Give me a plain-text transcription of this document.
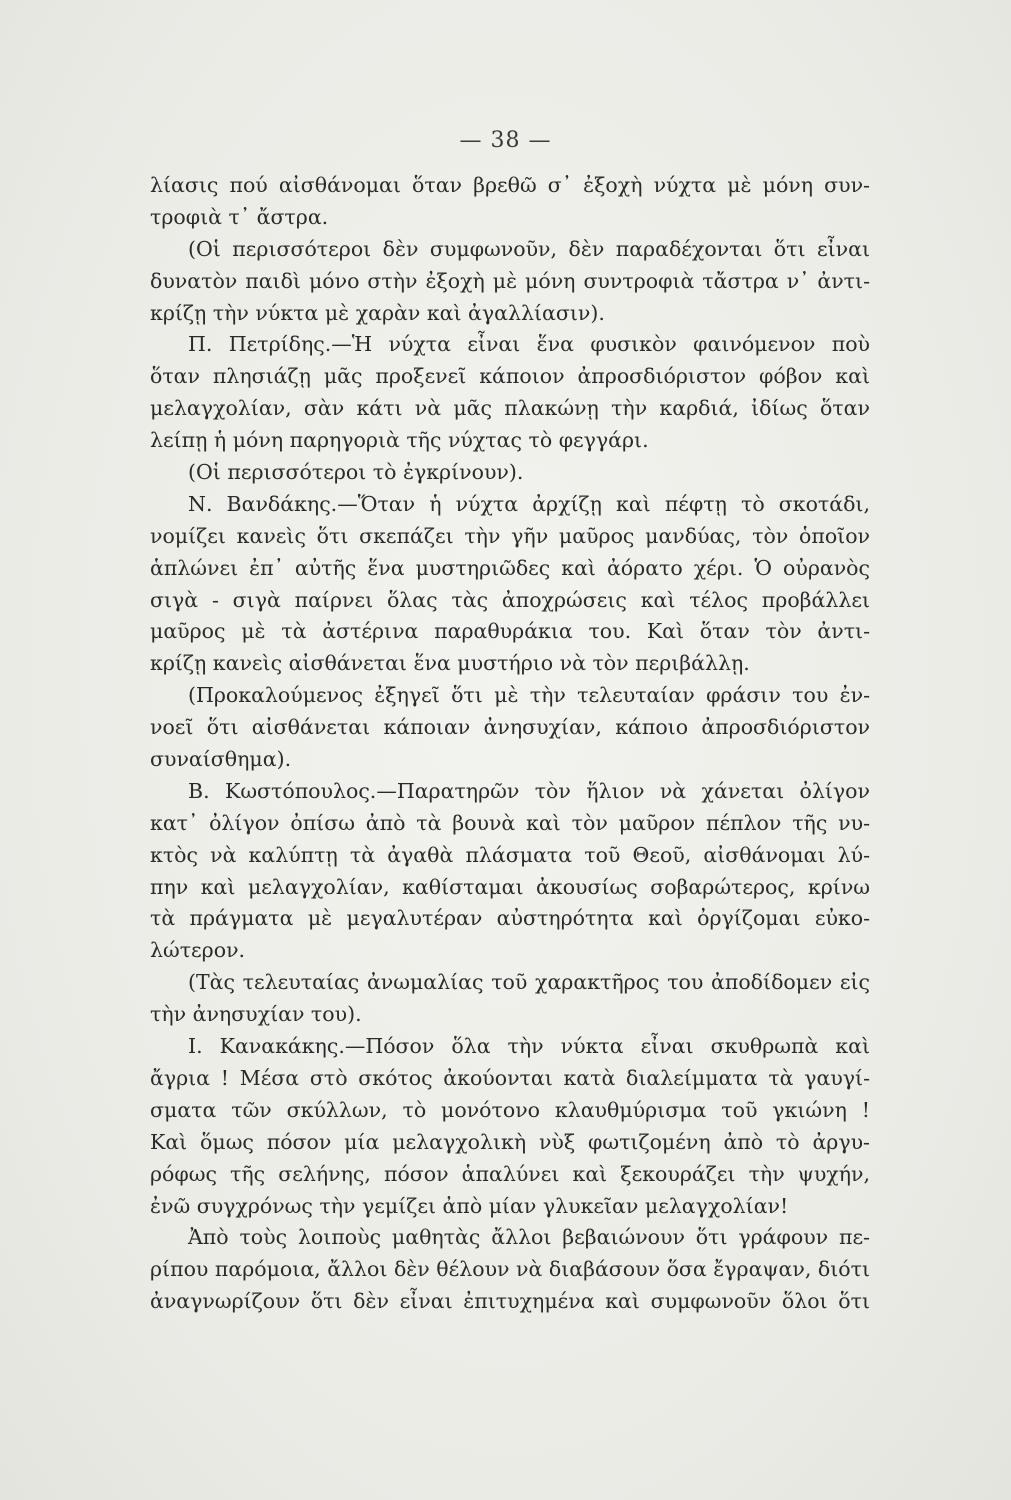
— 38 —
λίασις πού αἰσθάνομαι ὅταν βρεθῶ σ᾿ ἐξοχὴ νύχτα μὲ μόνη συν-
τροφιὰ τ᾿ ἄστρα.
(Οἱ περισσότεροι δὲν συμφωνοῦν, δὲν παραδέχονται ὅτι εἶναι
δυνατὸν παιδὶ μόνο στὴν ἐξοχὴ μὲ μόνη συντροφιὰ τἄστρα ν᾿ ἀντι-
κρίζῃ τὴν νύκτα μὲ χαρὰν καὶ ἀγαλλίασιν).
Π. Πετρίδης.—Ἡ νύχτα εἶναι ἕνα φυσικὸν φαινόμενον ποὺ
ὅταν πλησιάζῃ μᾶς προξενεῖ κάποιον ἀπροσδιόριστον φόβον καὶ
μελαγχολίαν, σὰν κάτι νὰ μᾶς πλακώνῃ τὴν καρδιά, ἰδίως ὅταν
λείπῃ ἡ μόνη παρηγοριὰ τῆς νύχτας τὸ φεγγάρι.
(Οἱ περισσότεροι τὸ ἐγκρίνουν).
Ν. Βανδάκης.—Ὅταν ἡ νύχτα ἀρχίζῃ καὶ πέφτῃ τὸ σκοτάδι,
νομίζει κανεὶς ὅτι σκεπάζει τὴν γῆν μαῦρος μανδύας, τὸν ὁποῖον
ἁπλώνει ἐπ᾿ αὐτῆς ἕνα μυστηριῶδες καὶ ἀόρατο χέρι. Ὁ οὐρανὸς
σιγὰ - σιγὰ παίρνει ὅλας τὰς ἀποχρώσεις καὶ τέλος προβάλλει
μαῦρος μὲ τὰ ἀστέρινα παραθυράκια του. Καὶ ὅταν τὸν ἀντι-
κρίζῃ κανεὶς αἰσθάνεται ἕνα μυστήριο νὰ τὸν περιβάλλῃ.
(Προκαλούμενος ἐξηγεῖ ὅτι μὲ τὴν τελευταίαν φράσιν του ἐν-
νοεῖ ὅτι αἰσθάνεται κάποιαν ἀνησυχίαν, κάποιο ἀπροσδιόριστον
συναίσθημα).
Β. Κωστόπουλος.—Παρατηρῶν τὸν ἥλιον νὰ χάνεται ὀλίγον
κατ᾿ ὀλίγον ὀπίσω ἀπὸ τὰ βουνὰ καὶ τὸν μαῦρον πέπλον τῆς νυ-
κτὸς νὰ καλύπτῃ τὰ ἀγαθὰ πλάσματα τοῦ Θεοῦ, αἰσθάνομαι λύ-
πην καὶ μελαγχολίαν, καθίσταμαι ἀκουσίως σοβαρώτερος, κρίνω
τὰ πράγματα μὲ μεγαλυτέραν αὐστηρότητα καὶ ὀργίζομαι εὐκο-
λώτερον.
(Τὰς τελευταίας ἀνωμαλίας τοῦ χαρακτῆρος του ἀποδίδομεν εἰς
τὴν ἀνησυχίαν του).
Ι. Κανακάκης.—Πόσον ὅλα τὴν νύκτα εἶναι σκυθρωπὰ καὶ
ἄγρια ! Μέσα στὸ σκότος ἀκούονται κατὰ διαλείμματα τὰ γαυγί-
σματα τῶν σκύλλων, τὸ μονότονο κλαυθμύρισμα τοῦ γκιώνη !
Καὶ ὅμως πόσον μία μελαγχολικὴ νὺξ φωτιζομένη ἀπὸ τὸ ἀργυ-
ρόφως τῆς σελήνης, πόσον ἁπαλύνει καὶ ξεκουράζει τὴν ψυχήν,
ἐνῶ συγχρόνως τὴν γεμίζει ἀπὸ μίαν γλυκεῖαν μελαγχολίαν!
Ἀπὸ τοὺς λοιποὺς μαθητὰς ἄλλοι βεβαιώνουν ὅτι γράφουν πε-
ρίπου παρόμοια, ἄλλοι δὲν θέλουν νὰ διαβάσουν ὅσα ἔγραψαν, διότι
ἀναγνωρίζουν ὅτι δὲν εἶναι ἐπιτυχημένα καὶ συμφωνοῦν ὅλοι ὅτι
